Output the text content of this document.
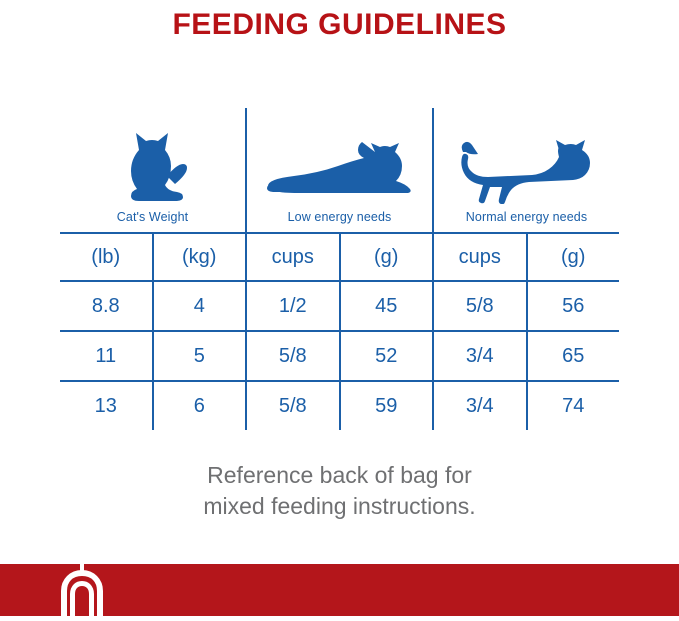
FEEDING GUIDELINES
Cat's Weight		Low energy needs		Normal energy needs	

(lb)	(kg)	cups	(g)	cups	(g)
8.8	4	1/2	45	5/8	56
11	5	5/8	52	3/4	65
13	6	5/8	59	3/4	74
Reference back of bag for
mixed feeding instructions.
